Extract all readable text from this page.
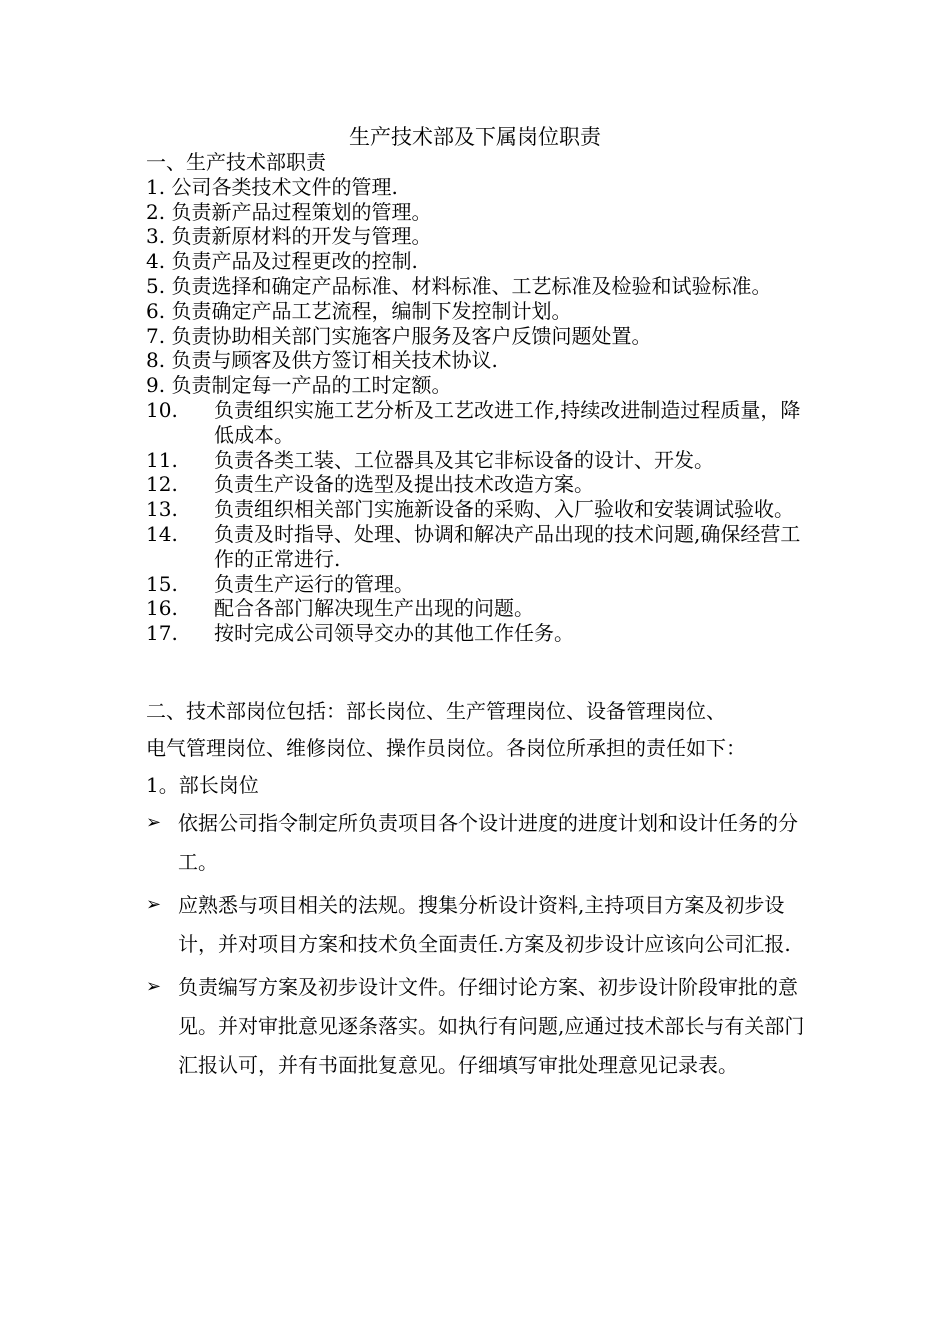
生产技术部及下属岗位职责
一、生产技术部职责
1. 公司各类技术文件的管理.
2. 负责新产品过程策划的管理。
3. 负责新原材料的开发与管理。
4. 负责产品及过程更改的控制.
5. 负责选择和确定产品标准、材料标准、工艺标准及检验和试验标准。
6. 负责确定产品工艺流程，编制下发控制计划。
7. 负责协助相关部门实施客户服务及客户反馈问题处置。
8. 负责与顾客及供方签订相关技术协议.
9. 负责制定每一产品的工时定额。
10.	负责组织实施工艺分析及工艺改进工作,持续改进制造过程质量，降低成本。
11.	负责各类工装、工位器具及其它非标设备的设计、开发。
12.	负责生产设备的选型及提出技术改造方案。
13.	负责组织相关部门实施新设备的采购、入厂验收和安装调试验收。
14.	负责及时指导、处理、协调和解决产品出现的技术问题,确保经营工作的正常进行.
15.	负责生产运行的管理。
16.	配合各部门解决现生产出现的问题。
17.	按时完成公司领导交办的其他工作任务。

二、技术部岗位包括：部长岗位、生产管理岗位、设备管理岗位、

电气管理岗位、维修岗位、操作员岗位。各岗位所承担的责任如下：

1。部长岗位

➢ 依据公司指令制定所负责项目各个设计进度的进度计划和设计任务的分工。
➢ 应熟悉与项目相关的法规。搜集分析设计资料,主持项目方案及初步设计，并对项目方案和技术负全面责任.方案及初步设计应该向公司汇报.
➢ 负责编写方案及初步设计文件。仔细讨论方案、初步设计阶段审批的意见。并对审批意见逐条落实。如执行有问题,应通过技术部长与有关部门汇报认可，并有书面批复意见。仔细填写审批处理意见记录表。
